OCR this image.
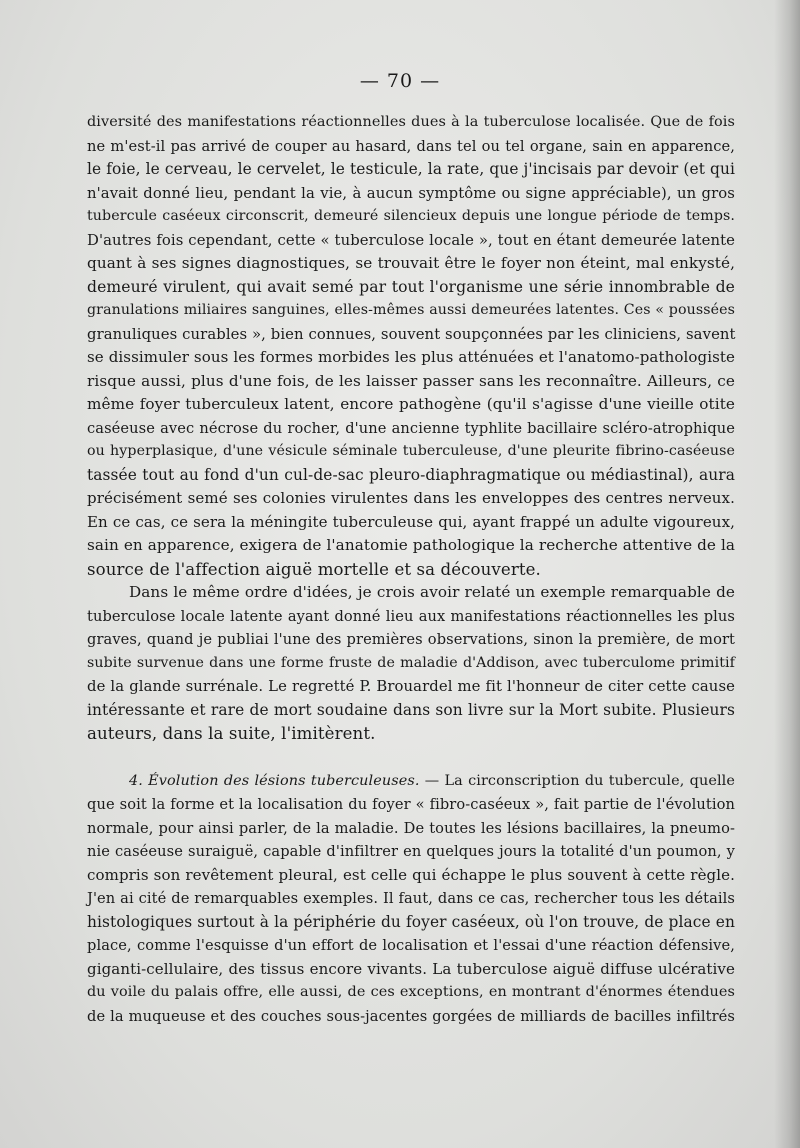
— 70 —
diversité des manifestations réactionnelles dues à la tuberculose localisée. Que de fois
ne m'est-il pas arrivé de couper au hasard, dans tel ou tel organe, sain en apparence,
le foie, le cerveau, le cervelet, le testicule, la rate, que j'incisais par devoir (et qui
n'avait donné lieu, pendant la vie, à aucun symptôme ou signe appréciable), un gros
tubercule caséeux circonscrit, demeuré silencieux depuis une longue période de temps.
D'autres fois cependant, cette « tuberculose locale », tout en étant demeurée latente
quant à ses signes diagnostiques, se trouvait être le foyer non éteint, mal enkysté,
demeuré virulent, qui avait semé par tout l'organisme une série innombrable de
granulations miliaires sanguines, elles-mêmes aussi demeurées latentes. Ces « poussées
granuliques curables », bien connues, souvent soupçonnées par les cliniciens, savent
se dissimuler sous les formes morbides les plus atténuées et l'anatomo-pathologiste
risque aussi, plus d'une fois, de les laisser passer sans les reconnaître. Ailleurs, ce
même foyer tuberculeux latent, encore pathogène (qu'il s'agisse d'une vieille otite
caséeuse avec nécrose du rocher, d'une ancienne typhlite bacillaire scléro-atrophique
ou hyperplasique, d'une vésicule séminale tuberculeuse, d'une pleurite fibrino-caséeuse
tassée tout au fond d'un cul-de-sac pleuro-diaphragmatique ou médiastinal), aura
précisément semé ses colonies virulentes dans les enveloppes des centres nerveux.
En ce cas, ce sera la méningite tuberculeuse qui, ayant frappé un adulte vigoureux,
sain en apparence, exigera de l'anatomie pathologique la recherche attentive de la
source de l'affection aiguë mortelle et sa découverte.
Dans le même ordre d'idées, je crois avoir relaté un exemple remarquable de
tuberculose locale latente ayant donné lieu aux manifestations réactionnelles les plus
graves, quand je publiai l'une des premières observations, sinon la première, de mort
subite survenue dans une forme fruste de maladie d'Addison, avec tuberculome primitif
de la glande surrénale. Le regretté P. Brouardel me fit l'honneur de citer cette cause
intéressante et rare de mort soudaine dans son livre sur la Mort subite. Plusieurs
auteurs, dans la suite, l'imitèrent.
4. Évolution des lésions tuberculeuses. — La circonscription du tubercule, quelle
que soit la forme et la localisation du foyer « fibro-caséeux », fait partie de l'évolution
normale, pour ainsi parler, de la maladie. De toutes les lésions bacillaires, la pneumo-
nie caséeuse suraiguë, capable d'infiltrer en quelques jours la totalité d'un poumon, y
compris son revêtement pleural, est celle qui échappe le plus souvent à cette règle.
J'en ai cité de remarquables exemples. Il faut, dans ce cas, rechercher tous les détails
histologiques surtout à la périphérie du foyer caséeux, où l'on trouve, de place en
place, comme l'esquisse d'un effort de localisation et l'essai d'une réaction défensive,
giganti-cellulaire, des tissus encore vivants. La tuberculose aiguë diffuse ulcérative
du voile du palais offre, elle aussi, de ces exceptions, en montrant d'énormes étendues
de la muqueuse et des couches sous-jacentes gorgées de milliards de bacilles infiltrés
